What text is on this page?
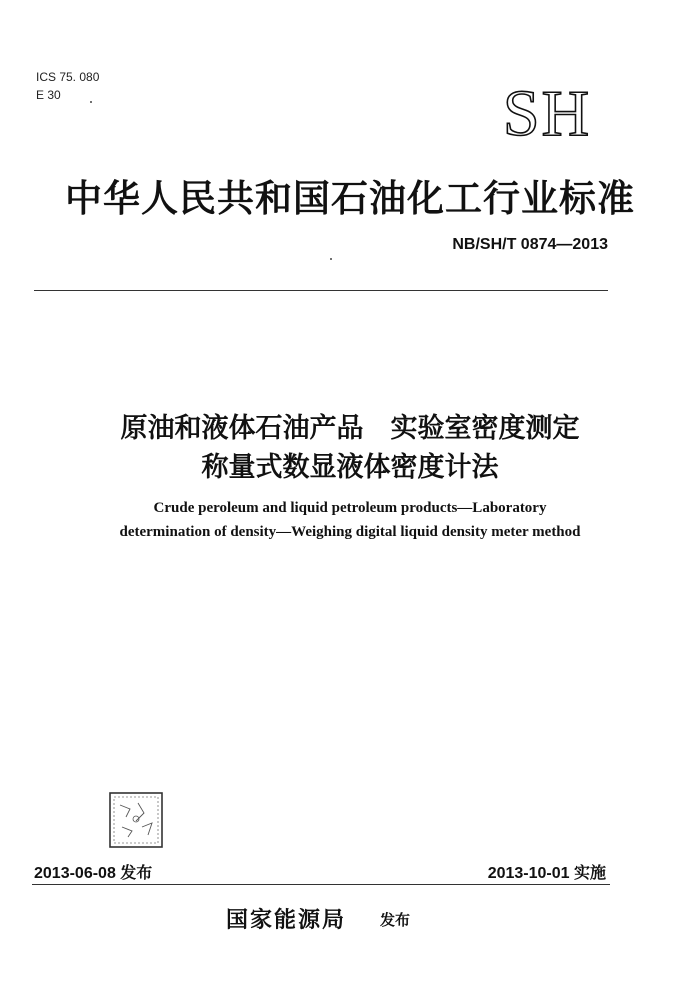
ICS 75. 080
E 30	SH
中华人民共和国石油化工行业标准
NB/SH/T 0874—2013
原油和液体石油产品　实验室密度测定
称量式数显液体密度计法
Crude peroleum and liquid petroleum products—Laboratory
determination of density—Weighing digital liquid density meter method
2013-06-08 发布	2013-10-01 实施
国家能源局 发布
